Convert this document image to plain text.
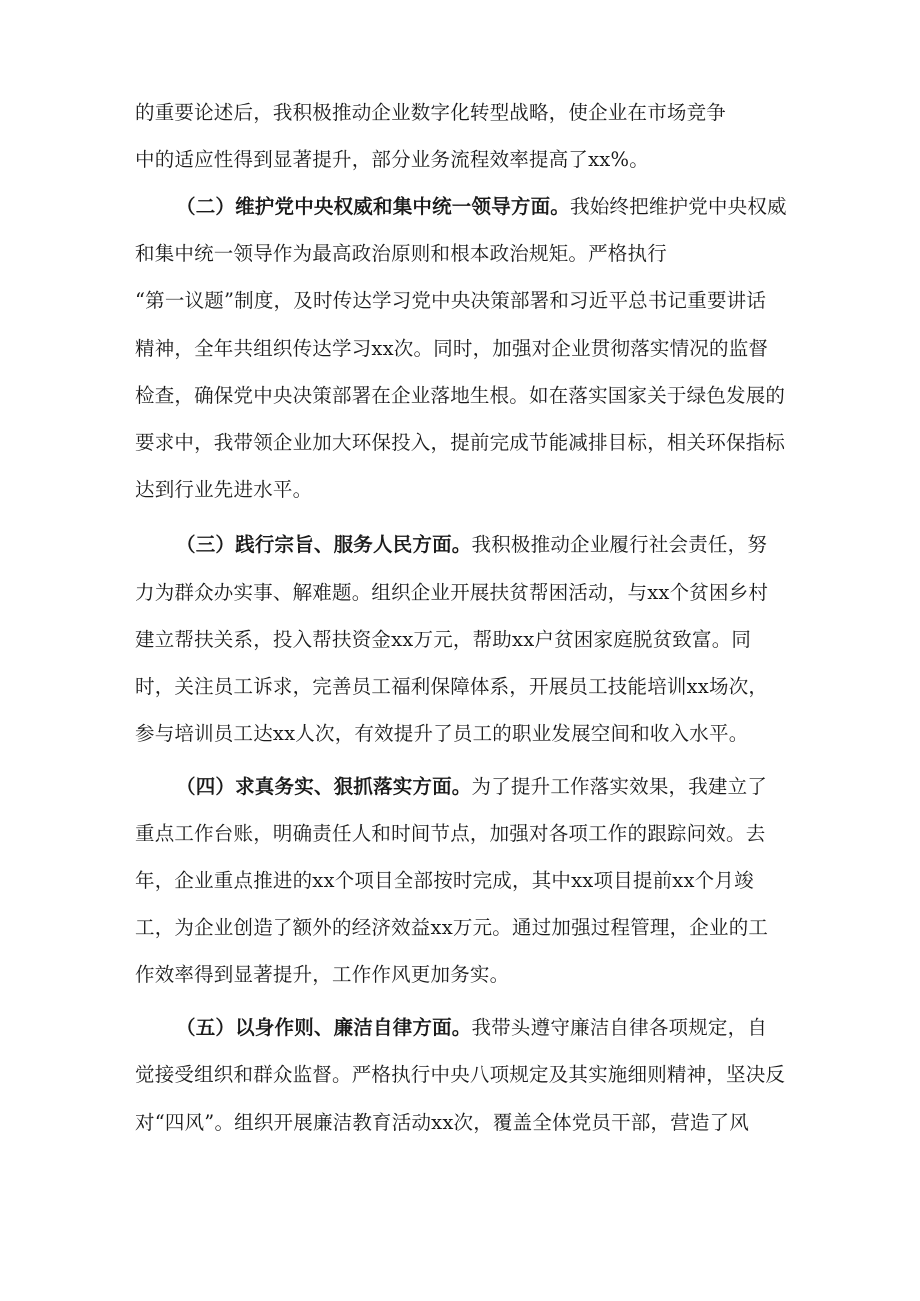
的重要论述后，我积极推动企业数字化转型战略，使企业在市场竞争
中的适应性得到显著提升，部分业务流程效率提高了xx%。
（二）维护党中央权威和集中统一领导方面。我始终把维护党中央权威
和集中统一领导作为最高政治原则和根本政治规矩。严格执行
“第一议题”制度，及时传达学习党中央决策部署和习近平总书记重要讲话
精神，全年共组织传达学习xx次。同时，加强对企业贯彻落实情况的监督
检查，确保党中央决策部署在企业落地生根。如在落实国家关于绿色发展的
要求中，我带领企业加大环保投入，提前完成节能减排目标，相关环保指标
达到行业先进水平。
（三）践行宗旨、服务人民方面。我积极推动企业履行社会责任，努
力为群众办实事、解难题。组织企业开展扶贫帮困活动，与xx个贫困乡村
建立帮扶关系，投入帮扶资金xx万元，帮助xx户贫困家庭脱贫致富。同
时，关注员工诉求，完善员工福利保障体系，开展员工技能培训xx场次，
参与培训员工达xx人次，有效提升了员工的职业发展空间和收入水平。
（四）求真务实、狠抓落实方面。为了提升工作落实效果，我建立了
重点工作台账，明确责任人和时间节点，加强对各项工作的跟踪问效。去
年，企业重点推进的xx个项目全部按时完成，其中xx项目提前xx个月竣
工，为企业创造了额外的经济效益xx万元。通过加强过程管理，企业的工
作效率得到显著提升，工作作风更加务实。
（五）以身作则、廉洁自律方面。我带头遵守廉洁自律各项规定，自
觉接受组织和群众监督。严格执行中央八项规定及其实施细则精神，坚决反
对“四风”。组织开展廉洁教育活动xx次，覆盖全体党员干部，营造了风
